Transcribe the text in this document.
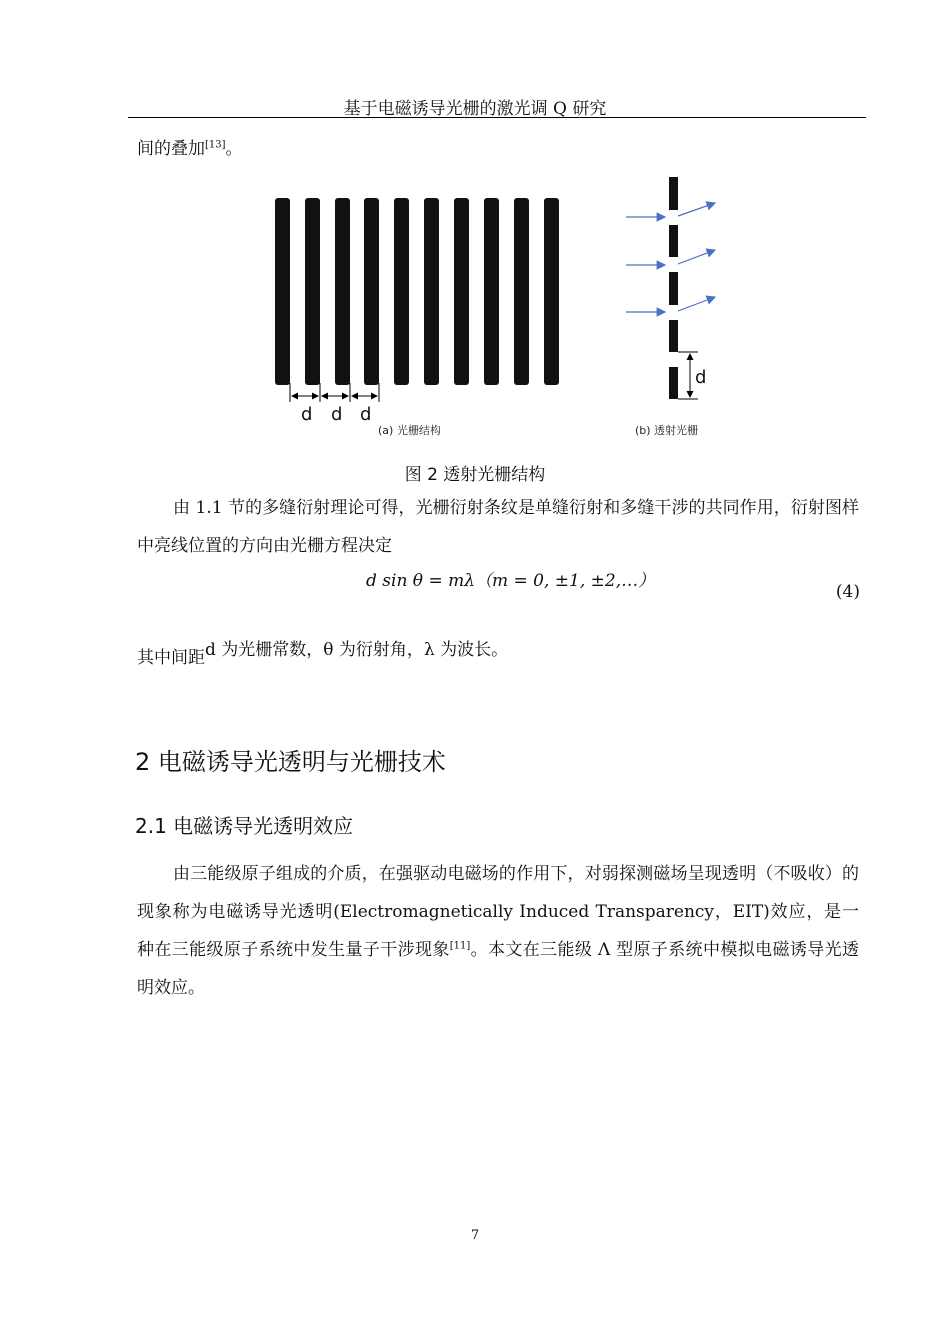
基于电磁诱导光栅的激光调 Q 研究
间的叠加[13]。
d d d
(a) 光栅结构
d
(b) 透射光栅
图 2 透射光栅结构
由 1.1 节的多缝衍射理论可得，光栅衍射条纹是单缝衍射和多缝干涉的共同作用，衍射图样中亮线位置的方向由光栅方程决定
d sin θ = mλ（m = 0, ±1, ±2,…）
(4)
其中间距d 为光栅常数，θ 为衍射角，λ 为波长。
2 电磁诱导光透明与光栅技术
2.1 电磁诱导光透明效应
由三能级原子组成的介质，在强驱动电磁场的作用下，对弱探测磁场呈现透明（不吸收）的现象称为电磁诱导光透明(Electromagnetically Induced Transparency，EIT)效应，是一种在三能级原子系统中发生量子干涉现象[11]。本文在三能级 Λ 型原子系统中模拟电磁诱导光透明效应。
7
